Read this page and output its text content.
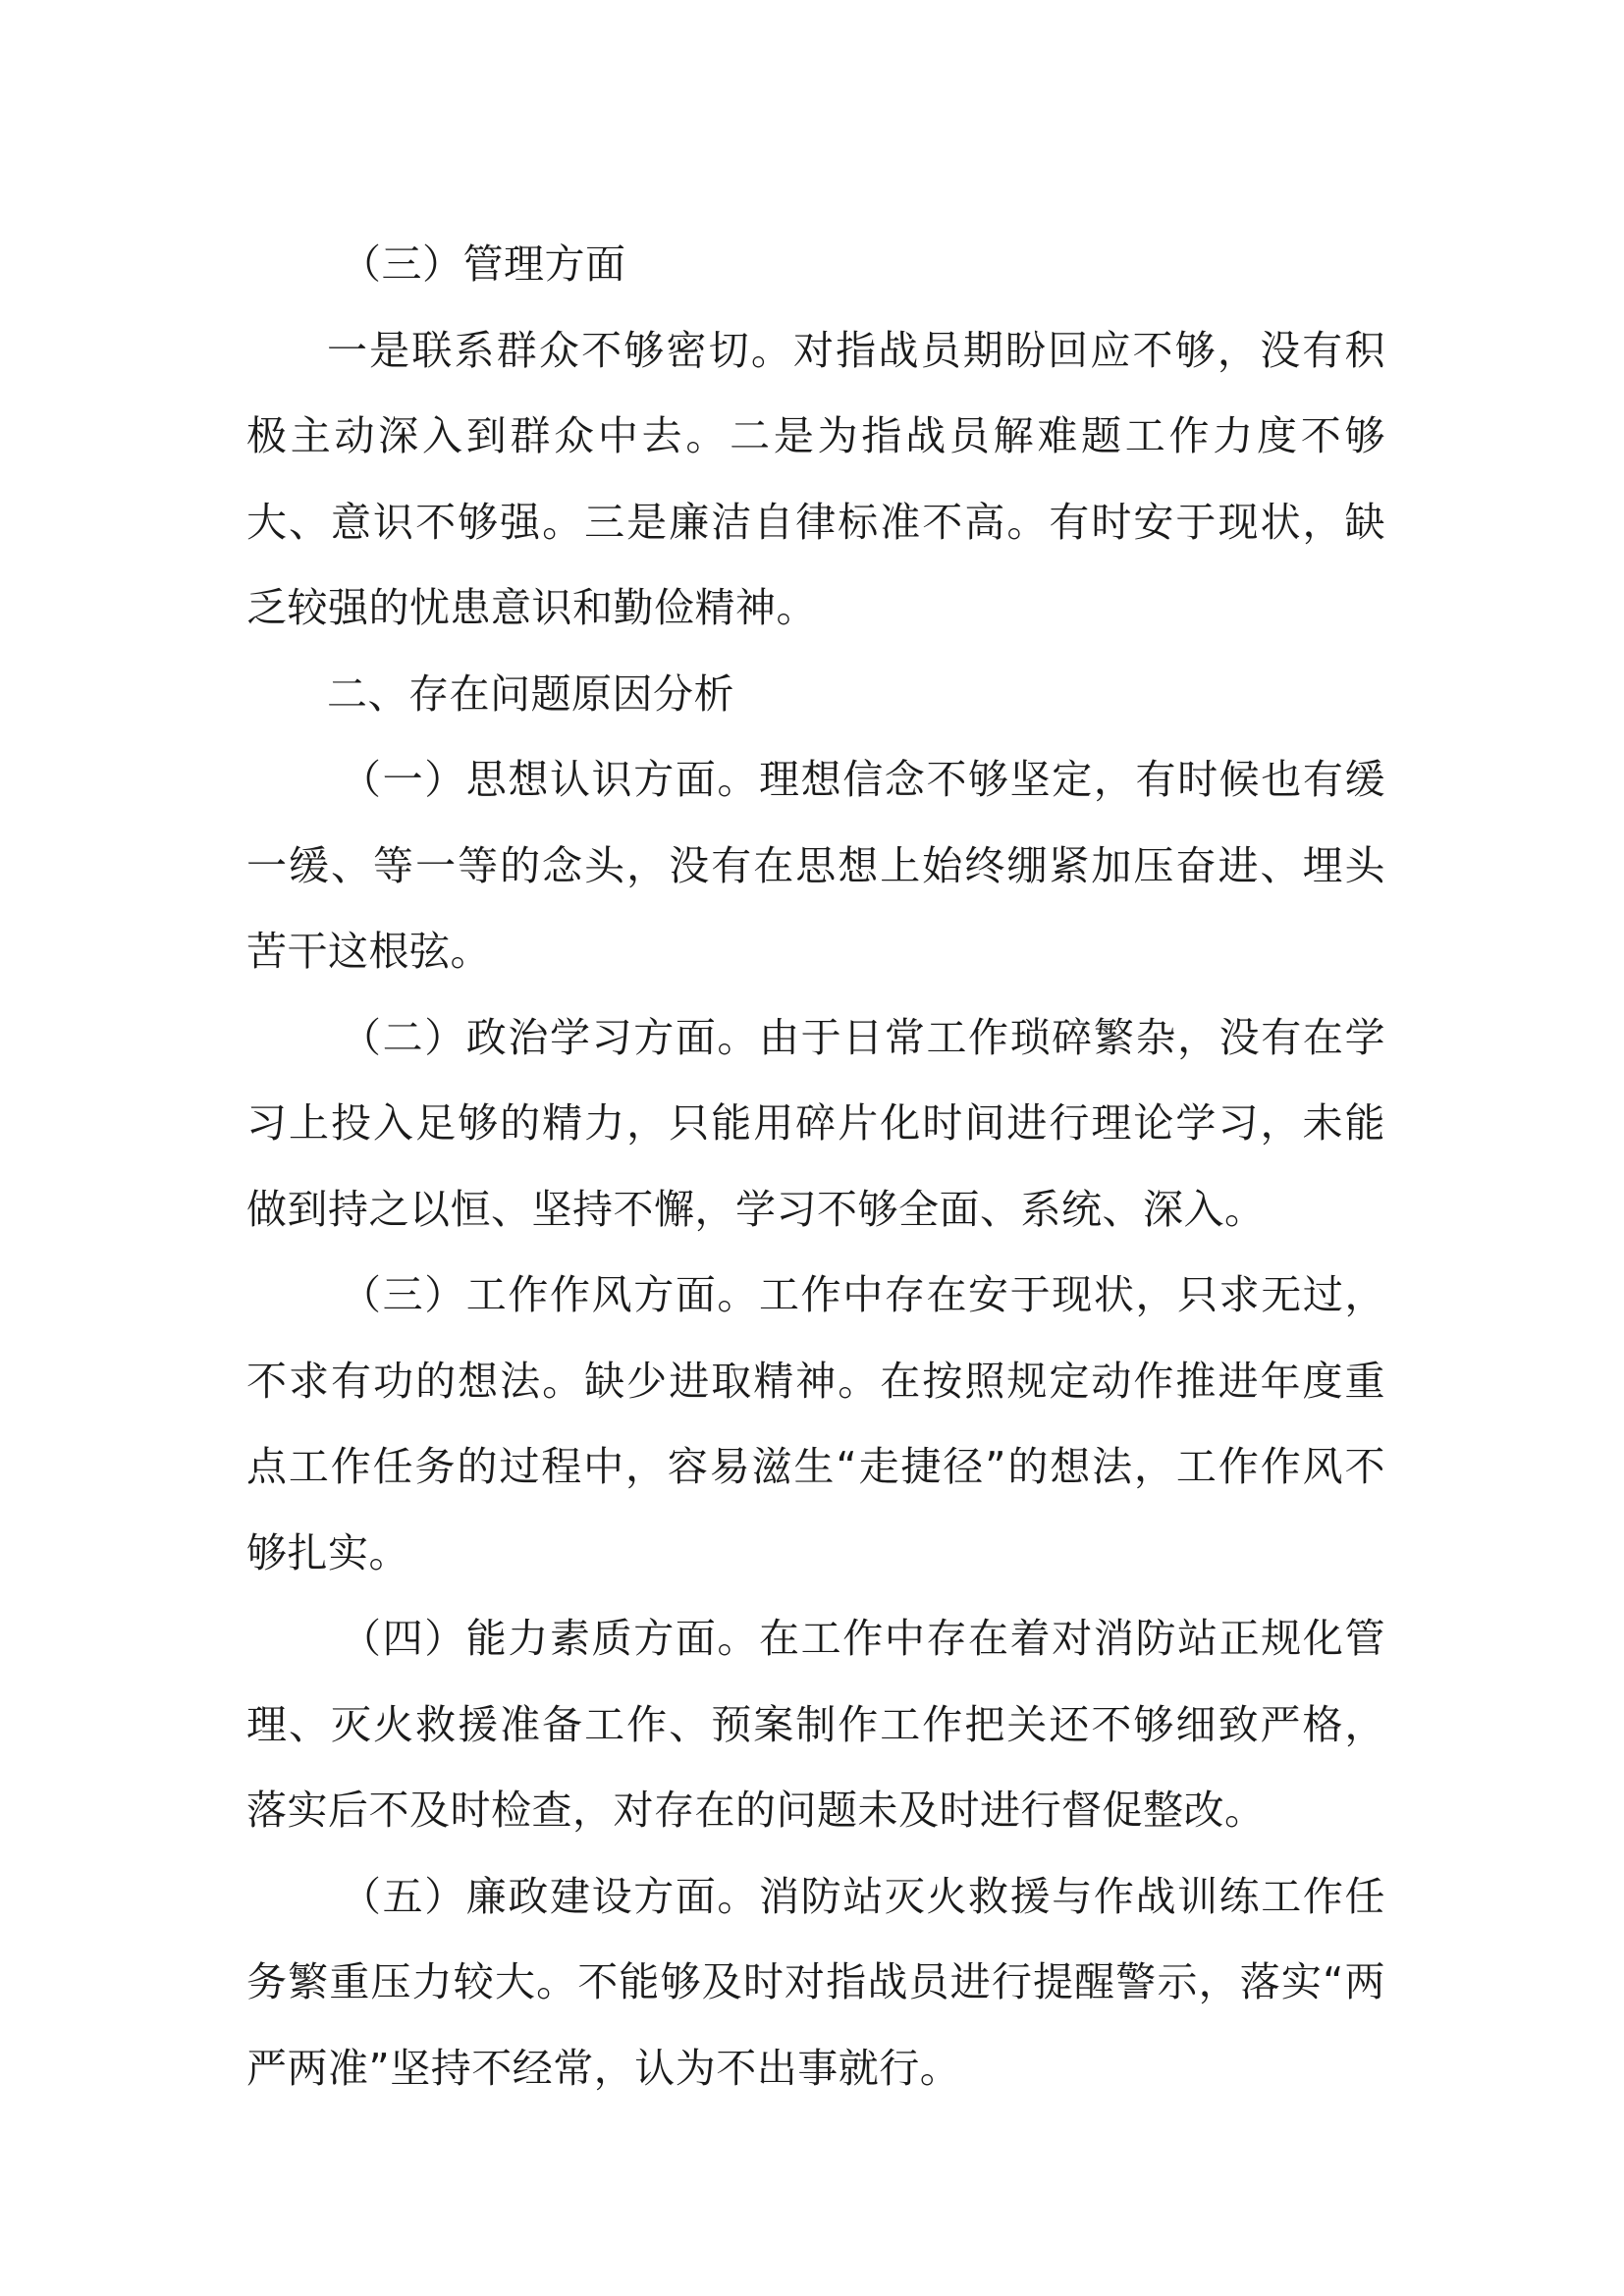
（三）管理方面

一是联系群众不够密切。对指战员期盼回应不够，没有积极主动深入到群众中去。二是为指战员解难题工作力度不够大、意识不够强。三是廉洁自律标准不高。有时安于现状，缺乏较强的忧患意识和勤俭精神。

二、存在问题原因分析

（一）思想认识方面。理想信念不够坚定，有时候也有缓一缓、等一等的念头，没有在思想上始终绷紧加压奋进、埋头苦干这根弦。

（二）政治学习方面。由于日常工作琐碎繁杂，没有在学习上投入足够的精力，只能用碎片化时间进行理论学习，未能做到持之以恒、坚持不懈，学习不够全面、系统、深入。

（三）工作作风方面。工作中存在安于现状，只求无过，不求有功的想法。缺少进取精神。在按照规定动作推进年度重点工作任务的过程中，容易滋生“走捷径”的想法，工作作风不够扎实。

（四）能力素质方面。在工作中存在着对消防站正规化管理、灭火救援准备工作、预案制作工作把关还不够细致严格，落实后不及时检查，对存在的问题未及时进行督促整改。

（五）廉政建设方面。消防站灭火救援与作战训练工作任务繁重压力较大。不能够及时对指战员进行提醒警示，落实“两严两准”坚持不经常，认为不出事就行。
